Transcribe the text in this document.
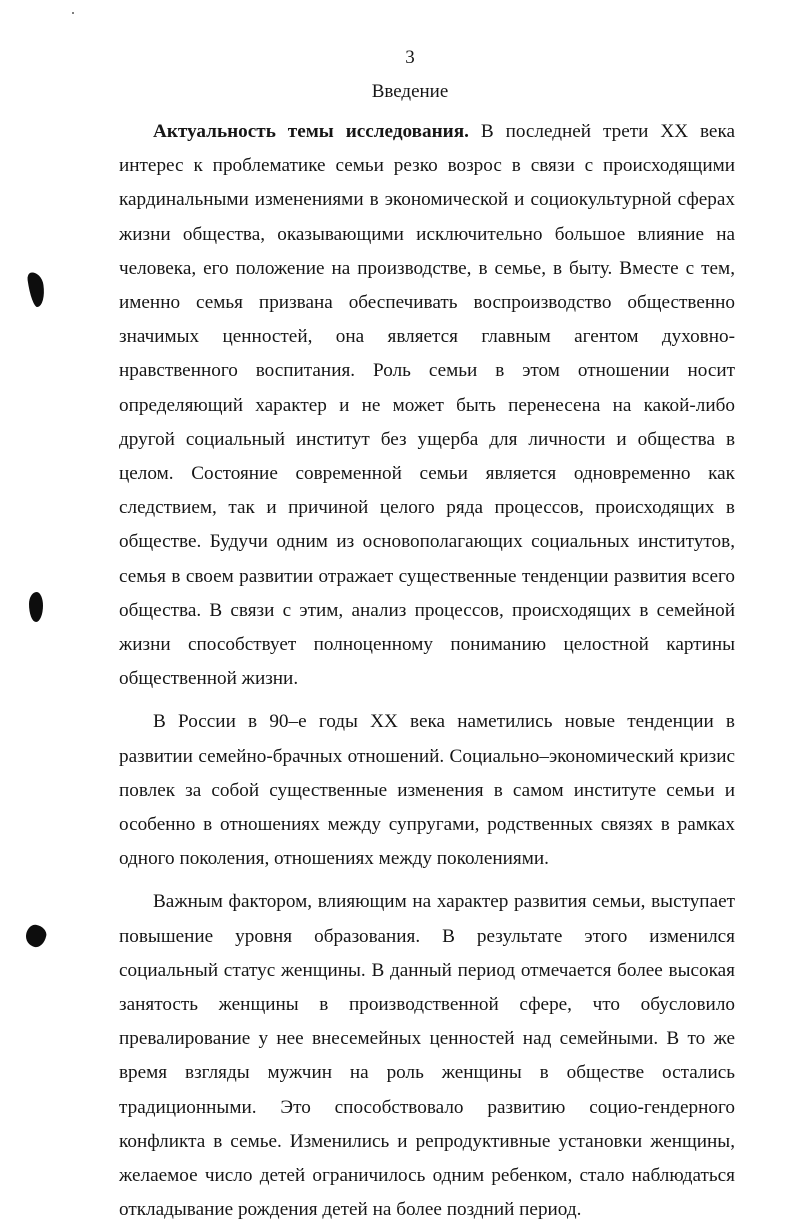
3
Введение

Актуальность темы исследования. В последней трети XX века интерес к проблематике семьи резко возрос в связи с происходящими кардинальными изменениями в экономической и социокультурной сферах жизни общества, оказывающими исключительно большое влияние на человека, его положение на производстве, в семье, в быту. Вместе с тем, именно семья призвана обеспечивать воспроизводство общественно значимых ценностей, она является главным агентом духовно-нравственного воспитания. Роль семьи в этом отношении носит определяющий характер и не может быть перенесена на какой-либо другой социальный институт без ущерба для личности и общества в целом. Состояние современной семьи является одновременно как следствием, так и причиной целого ряда процессов, происходящих в обществе. Будучи одним из основополагающих социальных институтов, семья в своем развитии отражает существенные тенденции развития всего общества. В связи с этим, анализ процессов, происходящих в семейной жизни способствует полноценному пониманию целостной картины общественной жизни.

В России в 90–е годы XX века наметились новые тенденции в развитии семейно-брачных отношений. Социально–экономический кризис повлек за собой существенные изменения в самом институте семьи и особенно в отношениях между супругами, родственных связях в рамках одного поколения, отношениях между поколениями.

Важным фактором, влияющим на характер развития семьи, выступает повышение уровня образования. В результате этого изменился социальный статус женщины. В данный период отмечается более высокая занятость женщины в производственной сфере, что обусловило превалирование у нее внесемейных ценностей над семейными. В то же время взгляды мужчин на роль женщины в обществе остались традиционными. Это способствовало развитию социо-гендерного конфликта в семье. Изменились и репродуктивные установки женщины, желаемое число детей ограничилось одним ребенком, стало наблюдаться откладывание рождения детей на более поздний период.
